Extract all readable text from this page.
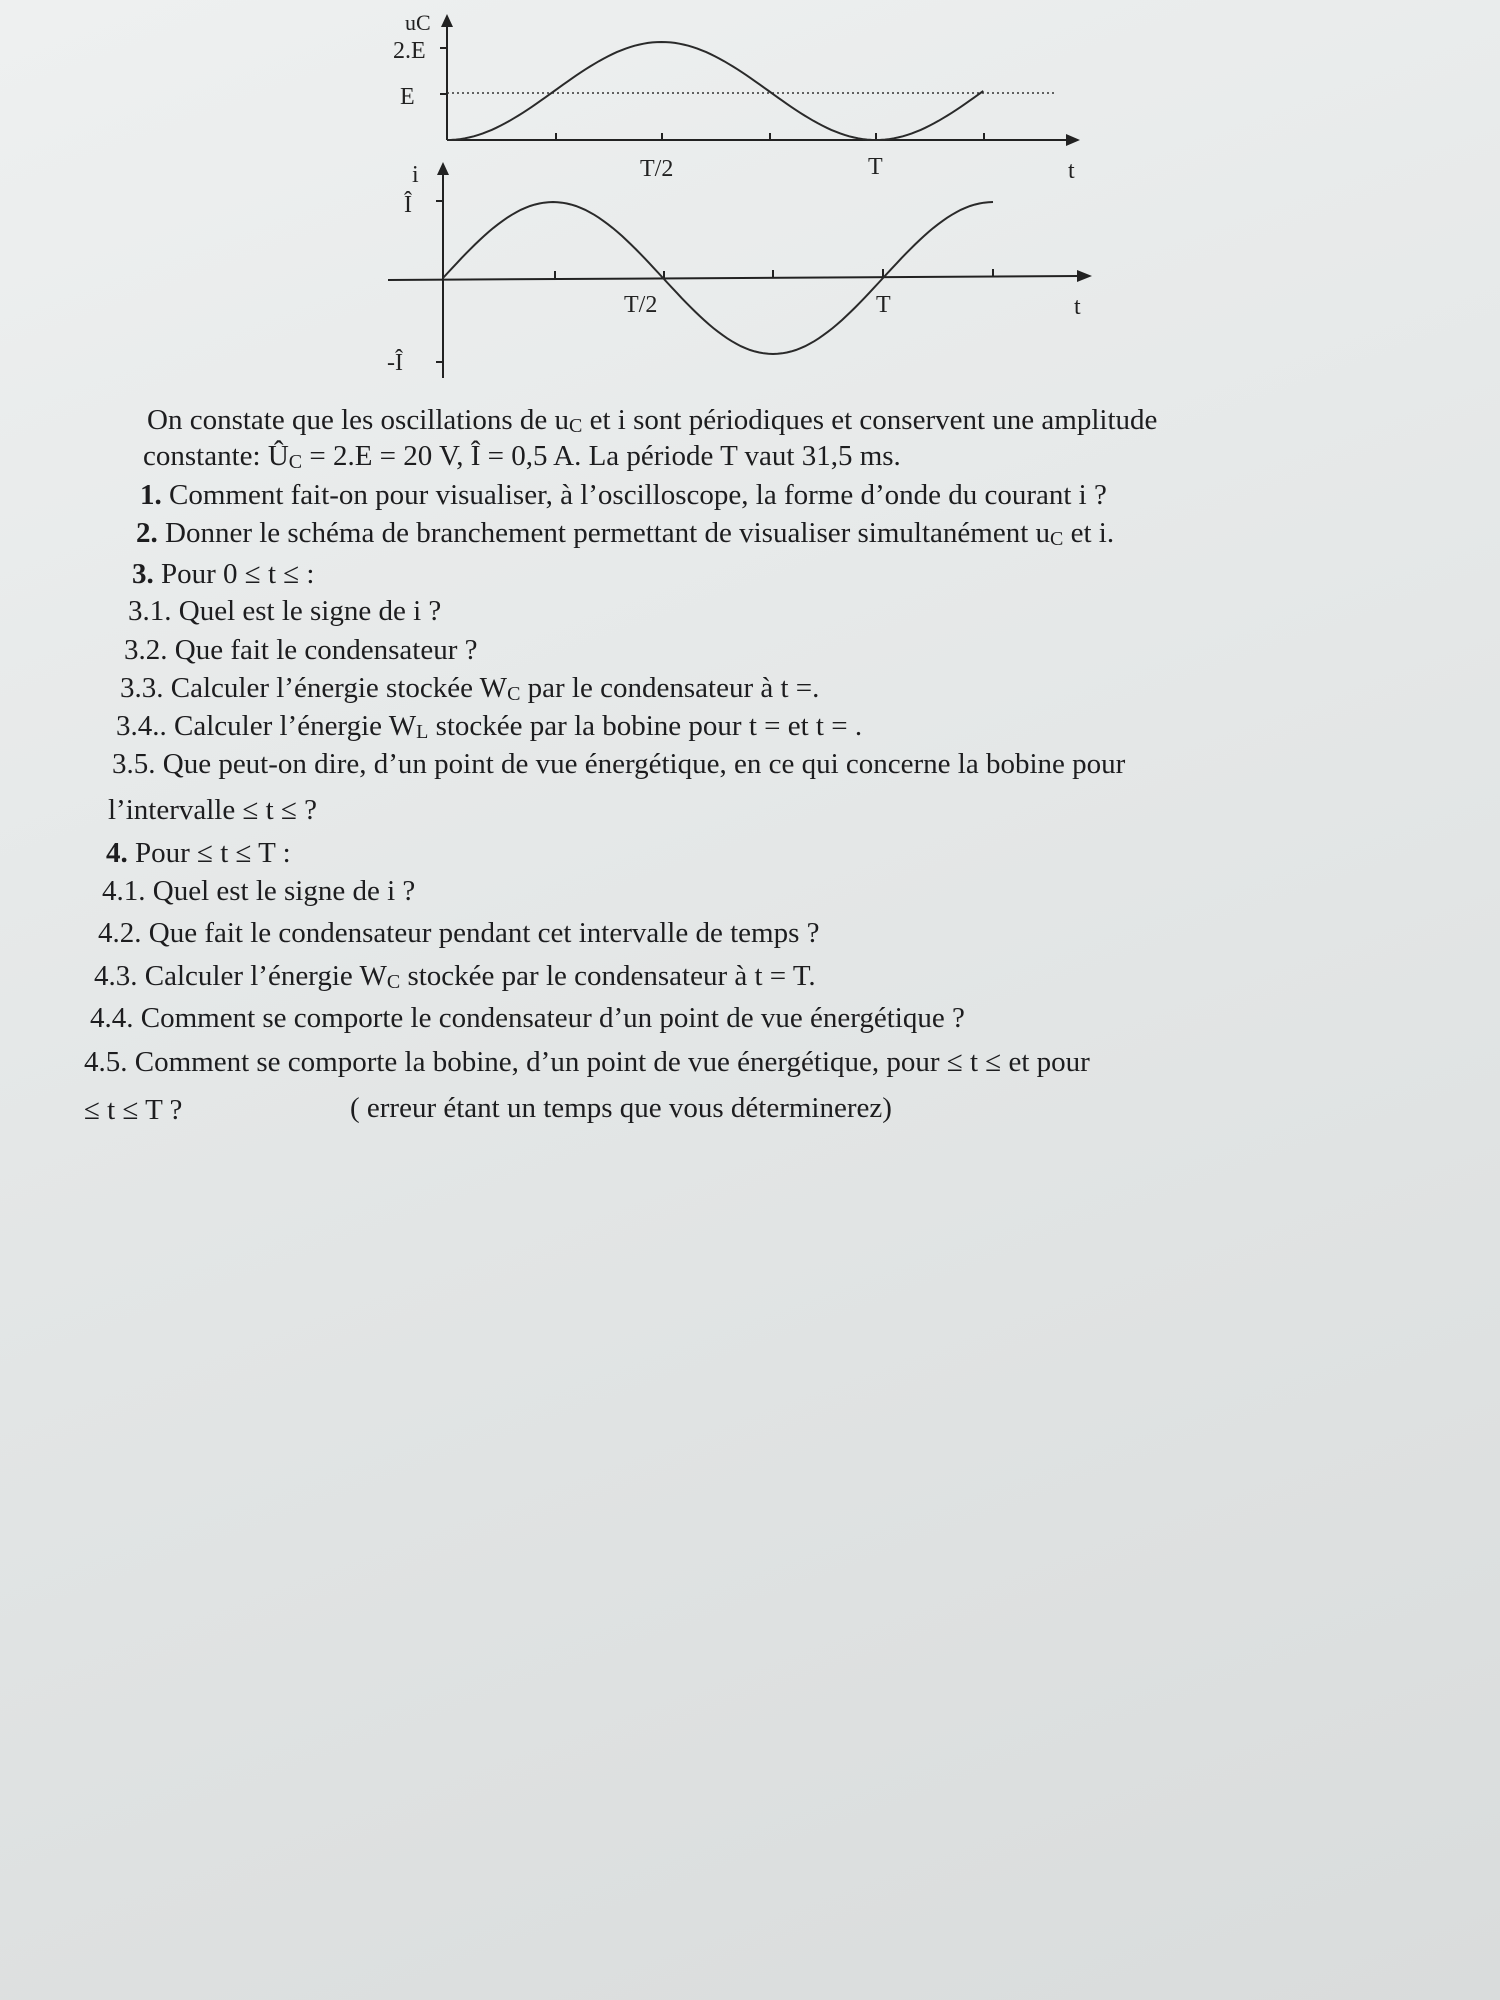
uC
2.E
E
T/2	T	t
i
Î
-Î
T/2	T	t
On constate que les oscillations de uC et i sont périodiques et conservent une amplitude
constante: ÛC = 2.E = 20 V, Î = 0,5 A. La période T vaut 31,5 ms.
1. Comment fait-on pour visualiser, à l’oscilloscope, la forme d’onde du courant i ?
2. Donner le schéma de branchement permettant de visualiser simultanément uC et i.
3. Pour 0 ≤ t ≤ :
3.1. Quel est le signe de i ?
3.2. Que fait le condensateur ?
3.3. Calculer l’énergie stockée WC par le condensateur à t =.
3.4.. Calculer l’énergie WL stockée par la bobine pour t = et t = .
3.5. Que peut-on dire, d’un point de vue énergétique, en ce qui concerne la bobine pour
l’intervalle ≤ t ≤ ?
4. Pour ≤ t ≤ T :
4.1. Quel est le signe de i ?
4.2. Que fait le condensateur pendant cet intervalle de temps ?
4.3. Calculer l’énergie WC stockée par le condensateur à t = T.
4.4. Comment se comporte le condensateur d’un point de vue énergétique ?
4.5. Comment se comporte la bobine, d’un point de vue énergétique, pour ≤ t ≤ et pour
≤ t ≤ T ?	( erreur étant un temps que vous déterminerez)
